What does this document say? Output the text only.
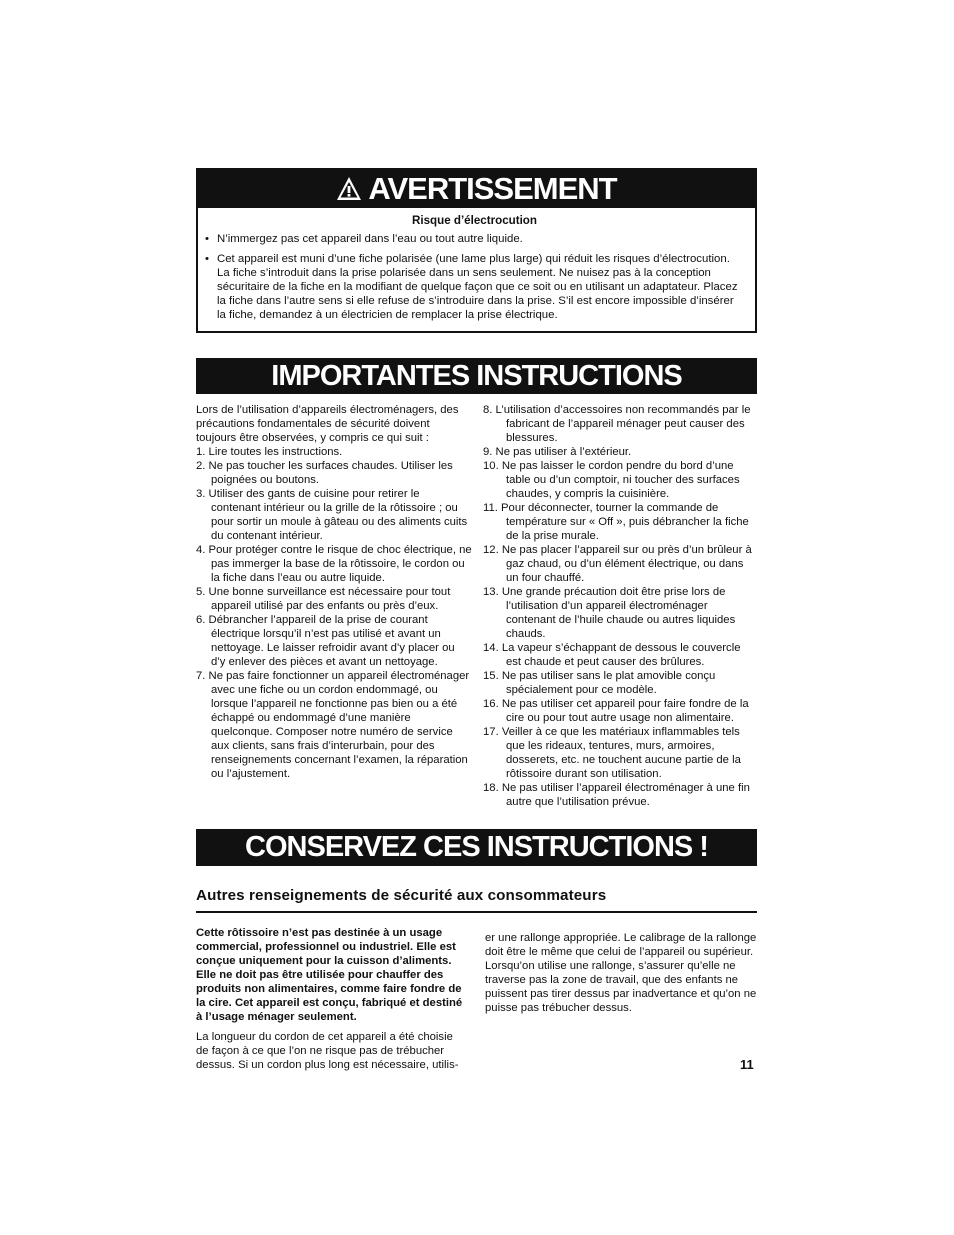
AVERTISSEMENT
Risque d’électrocution
• N’immergez pas cet appareil dans l’eau ou tout autre liquide.
• Cet appareil est muni d’une fiche polarisée (une lame plus large) qui réduit les risques d’électrocution. La fiche s’introduit dans la prise polarisée dans un sens seulement. Ne nuisez pas à la conception sécuritaire de la fiche en la modifiant de quelque façon que ce soit ou en utilisant un adaptateur. Placez la fiche dans l’autre sens si elle refuse de s’introduire dans la prise. S’il est encore impossible d’insérer la fiche, demandez à un électricien de remplacer la prise électrique.
IMPORTANTES INSTRUCTIONS

Lors de l’utilisation d’appareils électroménagers, des précautions fondamentales de sécurité doivent toujours être observées, y compris ce qui suit :

1. Lire toutes les instructions.
2. Ne pas toucher les surfaces chaudes. Utiliser les poignées ou boutons.
3. Utiliser des gants de cuisine pour retirer le contenant intérieur ou la grille de la rôtissoire ; ou pour sortir un moule à gâteau ou des aliments cuits du contenant intérieur.
4. Pour protéger contre le risque de choc électrique, ne pas immerger la base de la rôtissoire, le cordon ou la fiche dans l’eau ou autre liquide.
5. Une bonne surveillance est nécessaire pour tout appareil utilisé par des enfants ou près d’eux.
6. Débrancher l’appareil de la prise de courant électrique lorsqu’il n’est pas utilisé et avant un nettoyage. Le laisser refroidir avant d’y placer ou d’y enlever des pièces et avant un nettoyage.
7. Ne pas faire fonctionner un appareil électroménager avec une fiche ou un cordon endommagé, ou lorsque l’appareil ne fonctionne pas bien ou a été échappé ou endommagé d’une manière quelconque. Composer notre numéro de service aux clients, sans frais d’interurbain, pour des renseignements concernant l’examen, la réparation ou l’ajustement.
8. L’utilisation d’accessoires non recommandés par le fabricant de l’appareil ménager peut causer des blessures.
9. Ne pas utiliser à l’extérieur.
10. Ne pas laisser le cordon pendre du bord d’une table ou d’un comptoir, ni toucher des surfaces chaudes, y compris la cuisinière.
11. Pour déconnecter, tourner la commande de température sur « Off », puis débrancher la fiche de la prise murale.
12. Ne pas placer l’appareil sur ou près d’un brûleur à gaz chaud, ou d’un élément électrique, ou dans un four chauffé.
13. Une grande précaution doit être prise lors de l’utilisation d’un appareil électroménager contenant de l’huile chaude ou autres liquides chauds.
14. La vapeur s’échappant de dessous le couvercle est chaude et peut causer des brûlures.
15. Ne pas utiliser sans le plat amovible conçu spécialement pour ce modèle.
16. Ne pas utiliser cet appareil pour faire fondre de la cire ou pour tout autre usage non alimentaire.
17. Veiller à ce que les matériaux inflammables tels que les rideaux, tentures, murs, armoires, dosserets, etc. ne touchent aucune partie de la rôtissoire durant son utilisation.
18. Ne pas utiliser l’appareil électroménager à une fin autre que l’utilisation prévue.
CONSERVEZ CES INSTRUCTIONS !
Autres renseignements de sécurité aux consommateurs

Cette rôtissoire n’est pas destinée à un usage commercial, professionnel ou industriel. Elle est conçue uniquement pour la cuisson d’aliments. Elle ne doit pas être utilisée pour chauffer des produits non alimentaires, comme faire fondre de la cire. Cet appareil est conçu, fabriqué et destiné à l’usage ménager seulement.

La longueur du cordon de cet appareil a été choisie de façon à ce que l’on ne risque pas de trébucher dessus. Si un cordon plus long est nécessaire, utilis-

er une rallonge appropriée. Le calibrage de la rallonge doit être le même que celui de l’appareil ou supérieur. Lorsqu’on utilise une rallonge, s’assurer qu’elle ne traverse pas la zone de travail, que des enfants ne puissent pas tirer dessus par inadvertance et qu’on ne puisse pas trébucher dessus.

11
